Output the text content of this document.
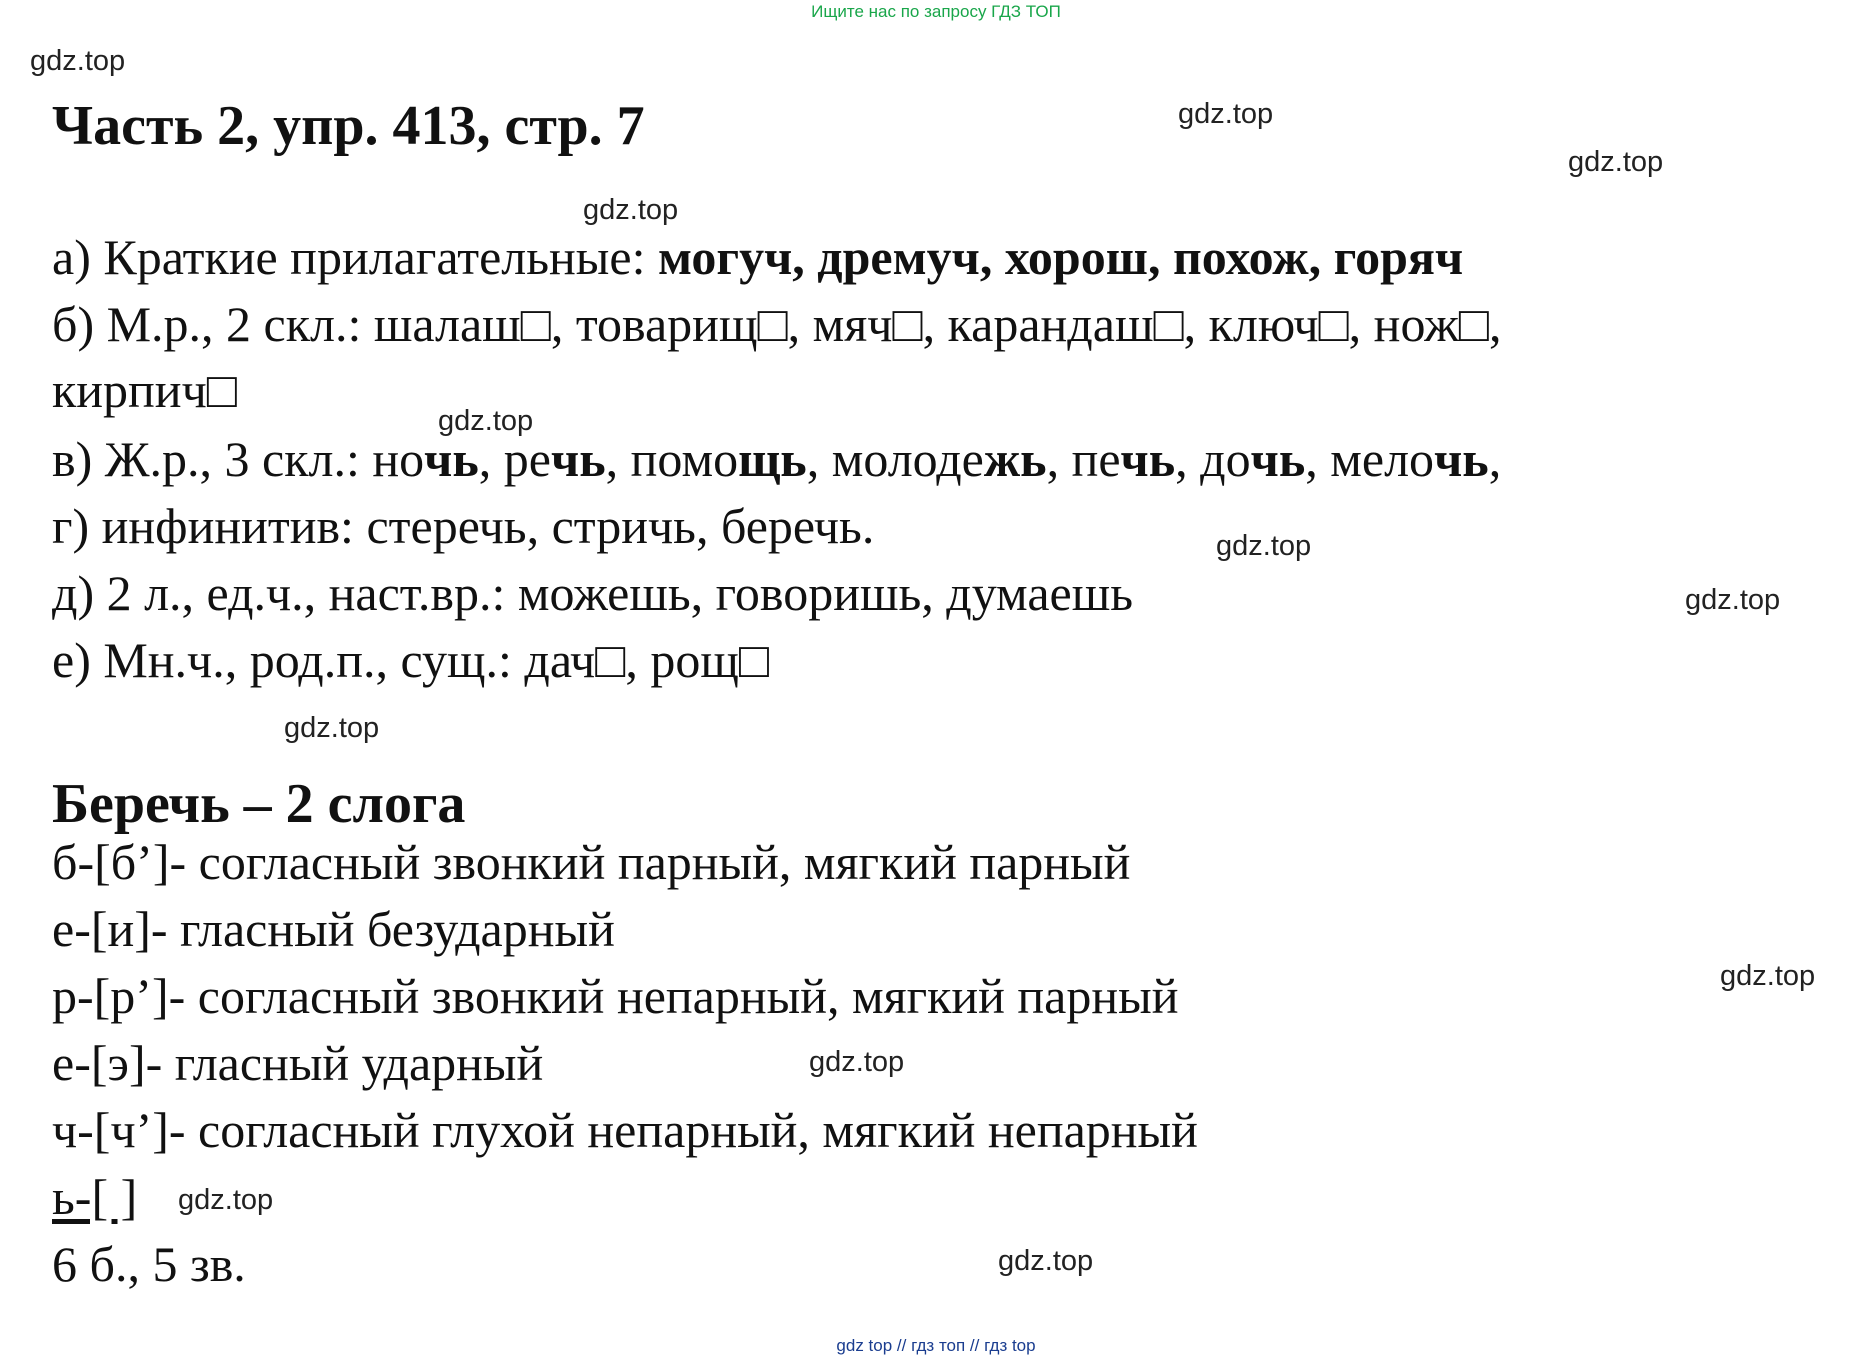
Ищите нас по запросу ГДЗ ТОП
gdz.top
gdz.top
gdz.top
gdz.top
gdz.top
gdz.top
gdz.top
gdz.top
gdz.top
gdz.top
gdz.top
gdz.top
Часть 2, упр. 413, стр. 7
а) Краткие прилагательные: могуч, дремуч, хорош, похож, горяч
б) М.р., 2 скл.: шалаш□, товарищ□, мяч□, карандаш□, ключ□, нож□,
кирпич□
в) Ж.р., 3 скл.: ночь, речь, помощь, молодежь, печь, дочь, мелочь,
г) инфинитив: стеречь, стричь, беречь.
д) 2 л., ед.ч., наст.вр.: можешь, говоришь, думаешь
е) Мн.ч., род.п., сущ.: дач□, рощ□
Беречь – 2 слога
б-[б’]- согласный звонкий парный, мягкий парный
е-[и]- гласный безударный
р-[р’]- согласный звонкий непарный, мягкий парный
е-[э]- гласный ударный
ч-[ч’]- согласный глухой непарный, мягкий непарный
ь-[ ]
6 б., 5 зв.
gdz top // гдз топ // гдз top
